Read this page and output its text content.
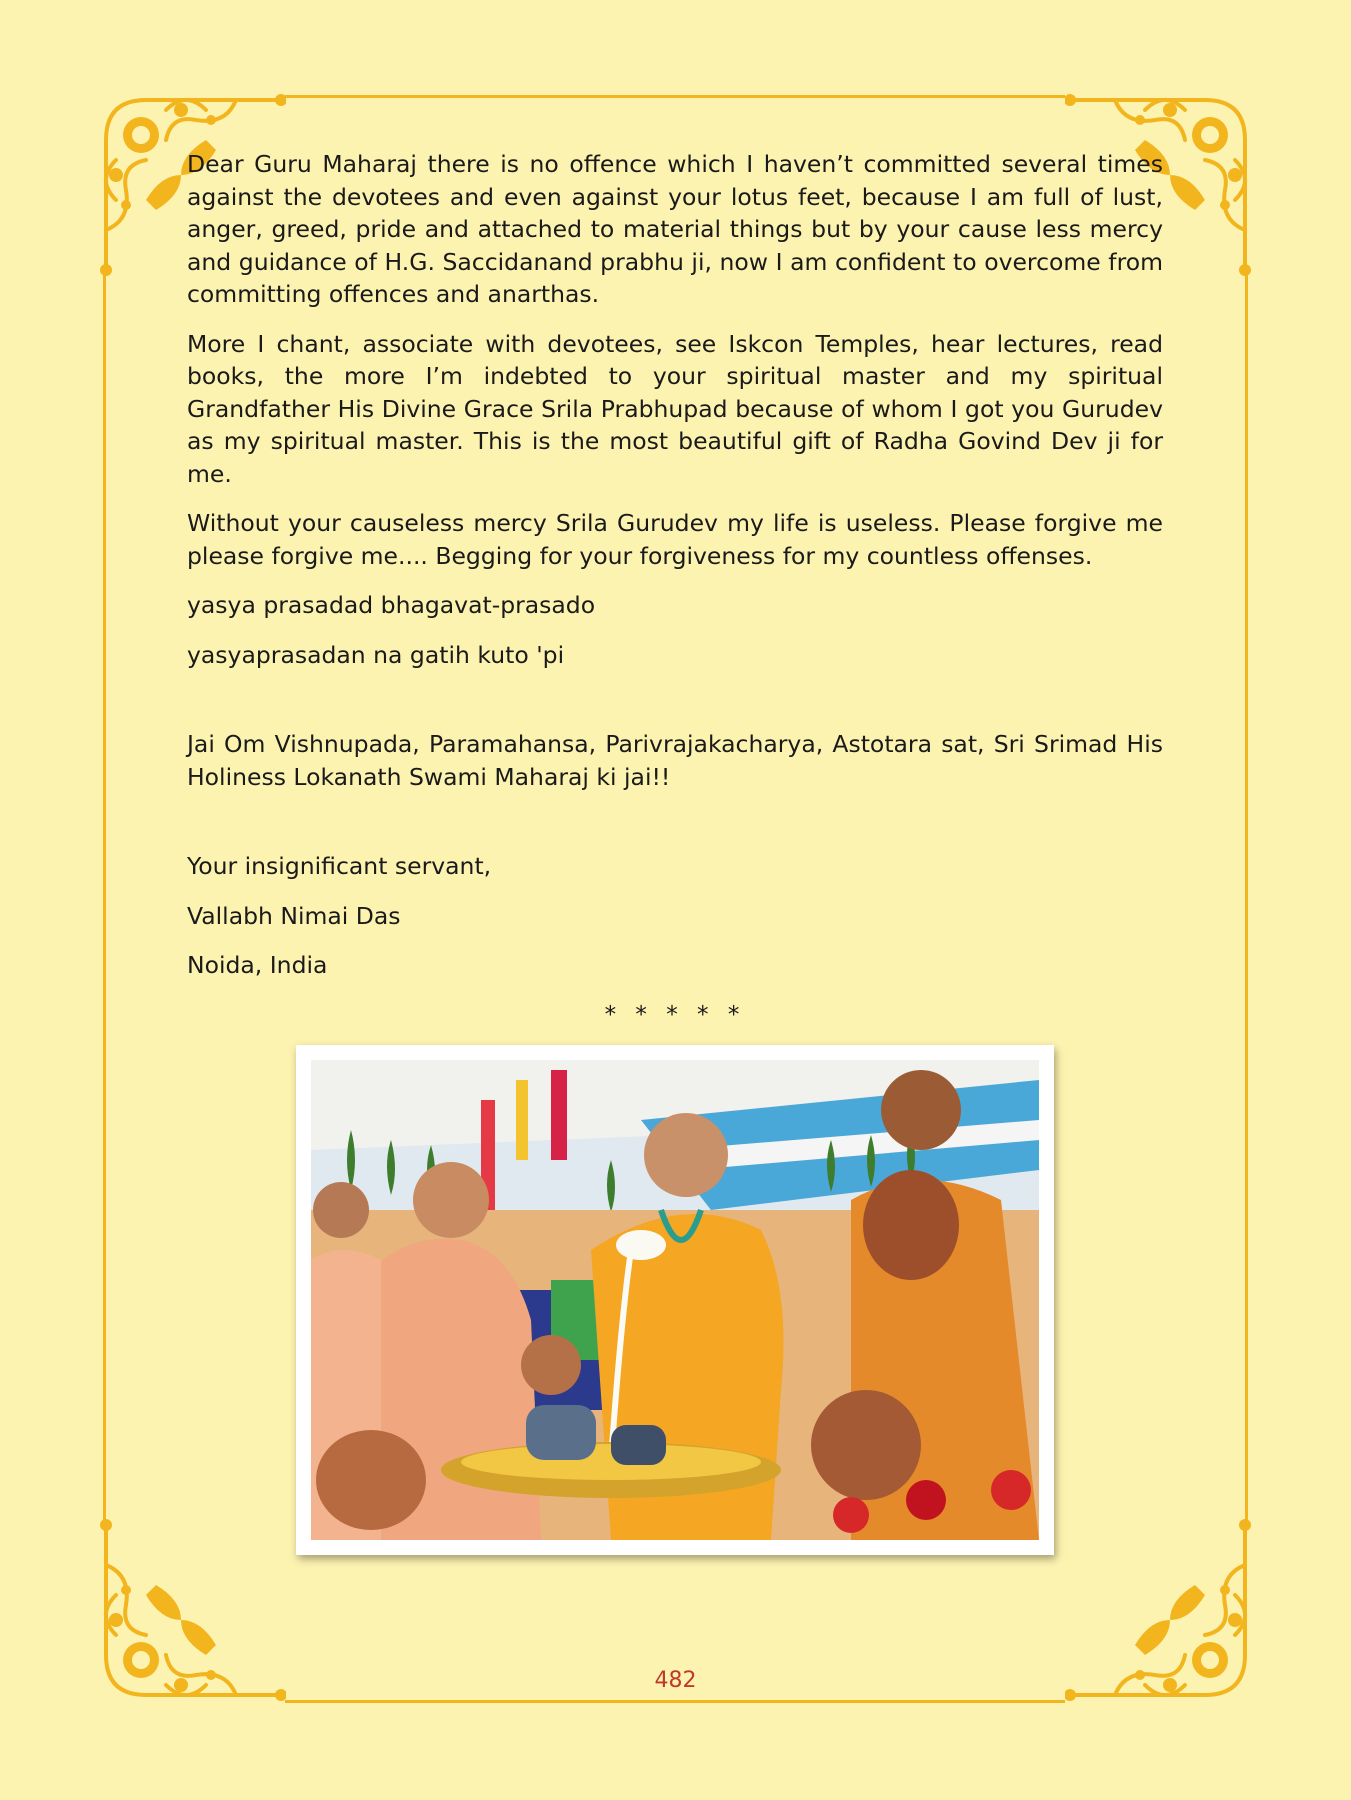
Dear Guru Maharaj there is no offence which I haven’t committed several times against the devotees and even against your lotus feet, because I am full of lust, anger, greed, pride and attached to material things but by your cause less mercy and guidance of H.G. Saccidanand prabhu ji, now I am confident to overcome from committing offences and anarthas.

More I chant, associate with devotees, see Iskcon Temples, hear lectures, read books, the more I’m indebted to your spiritual master and my spiritual Grandfather His Divine Grace Srila Prabhupad because of whom I got you Gurudev as my spiritual master. This is the most beautiful gift of Radha Govind Dev ji for me.

Without your causeless mercy Srila Gurudev my life is useless. Please forgive me please forgive me.... Begging for your forgiveness for my countless offenses.

yasya prasadad bhagavat-prasado

yasyaprasadan na gatih kuto 'pi

Jai Om Vishnupada, Paramahansa, Parivrajakacharya, Astotara sat, Sri Srimad His Holiness Lokanath Swami Maharaj ki jai!!

Your insignificant servant,

Vallabh Nimai Das

Noida, India

* * * * *
482
